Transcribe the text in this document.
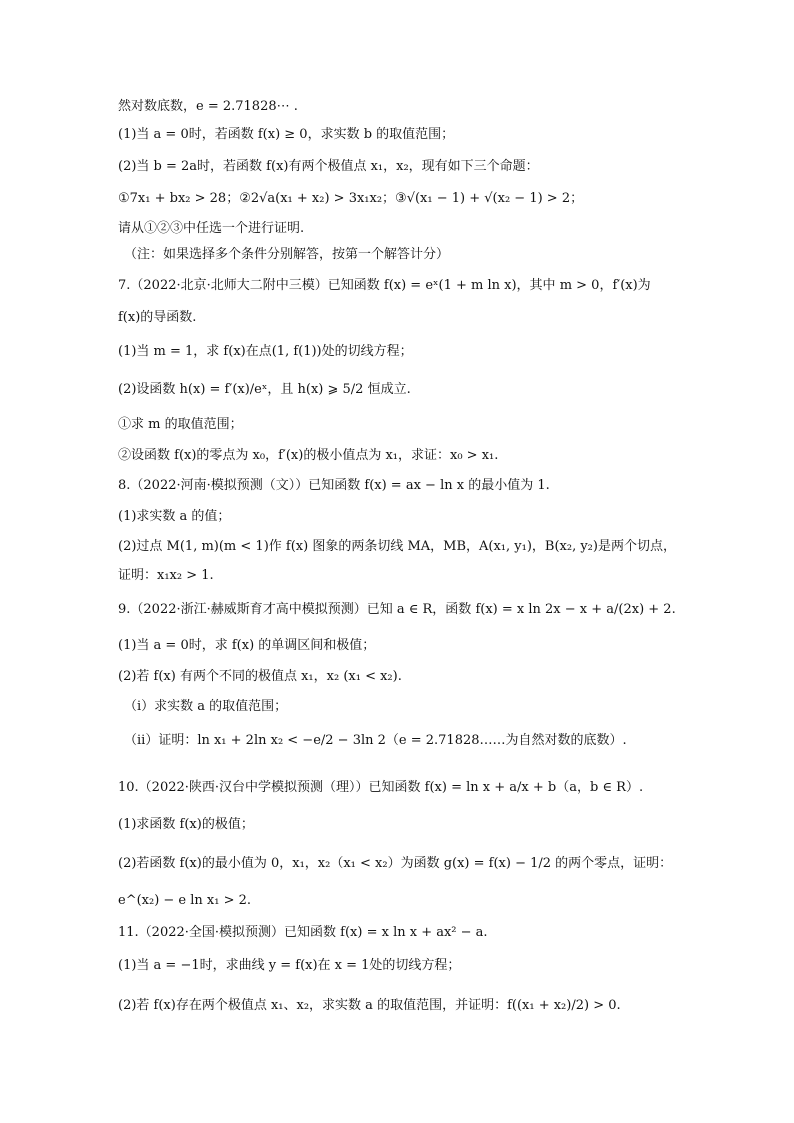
然对数底数，e = 2.71828⋯ .
(1)当 a = 0时，若函数 f(x) ≥ 0，求实数 b 的取值范围；
(2)当 b = 2a时，若函数 f(x)有两个极值点 x₁，x₂，现有如下三个命题：
①7x₁ + bx₂ > 28；②2√a(x₁ + x₂) > 3x₁x₂；③√(x₁ − 1) + √(x₂ − 1) > 2；
请从①②③中任选一个进行证明.
（注：如果选择多个条件分别解答，按第一个解答计分）
7.（2022·北京·北师大二附中三模）已知函数 f(x) = eˣ(1 + m ln x)，其中 m > 0，f′(x)为
f(x)的导函数.
(1)当 m = 1，求 f(x)在点(1, f(1))处的切线方程；
(2)设函数 h(x) = f′(x)/eˣ，且 h(x) ⩾ 5/2 恒成立.
①求 m 的取值范围；
②设函数 f(x)的零点为 x₀，f′(x)的极小值点为 x₁，求证：x₀ > x₁.
8.（2022·河南·模拟预测（文））已知函数 f(x) = ax − ln x 的最小值为 1.
(1)求实数 a 的值；
(2)过点 M(1, m)(m < 1)作 f(x) 图象的两条切线 MA，MB，A(x₁, y₁)，B(x₂, y₂)是两个切点，
证明：x₁x₂ > 1.
9.（2022·浙江·赫威斯育才高中模拟预测）已知 a ∈ R，函数 f(x) = x ln 2x − x + a/(2x) + 2.
(1)当 a = 0时，求 f(x) 的单调区间和极值；
(2)若 f(x) 有两个不同的极值点 x₁，x₂ (x₁ < x₂).
（i）求实数 a 的取值范围；
（ii）证明：ln x₁ + 2ln x₂ < −e/2 − 3ln 2（e = 2.71828……为自然对数的底数）.
10.（2022·陕西·汉台中学模拟预测（理））已知函数 f(x) = ln x + a/x + b（a，b ∈ R）.
(1)求函数 f(x)的极值；
(2)若函数 f(x)的最小值为 0，x₁，x₂（x₁ < x₂）为函数 g(x) = f(x) − 1/2 的两个零点，证明：
e^(x₂) − e ln x₁ > 2.
11.（2022·全国·模拟预测）已知函数 f(x) = x ln x + ax² − a.
(1)当 a = −1时，求曲线 y = f(x)在 x = 1处的切线方程；
(2)若 f(x)存在两个极值点 x₁、x₂，求实数 a 的取值范围，并证明：f((x₁ + x₂)/2) > 0.
